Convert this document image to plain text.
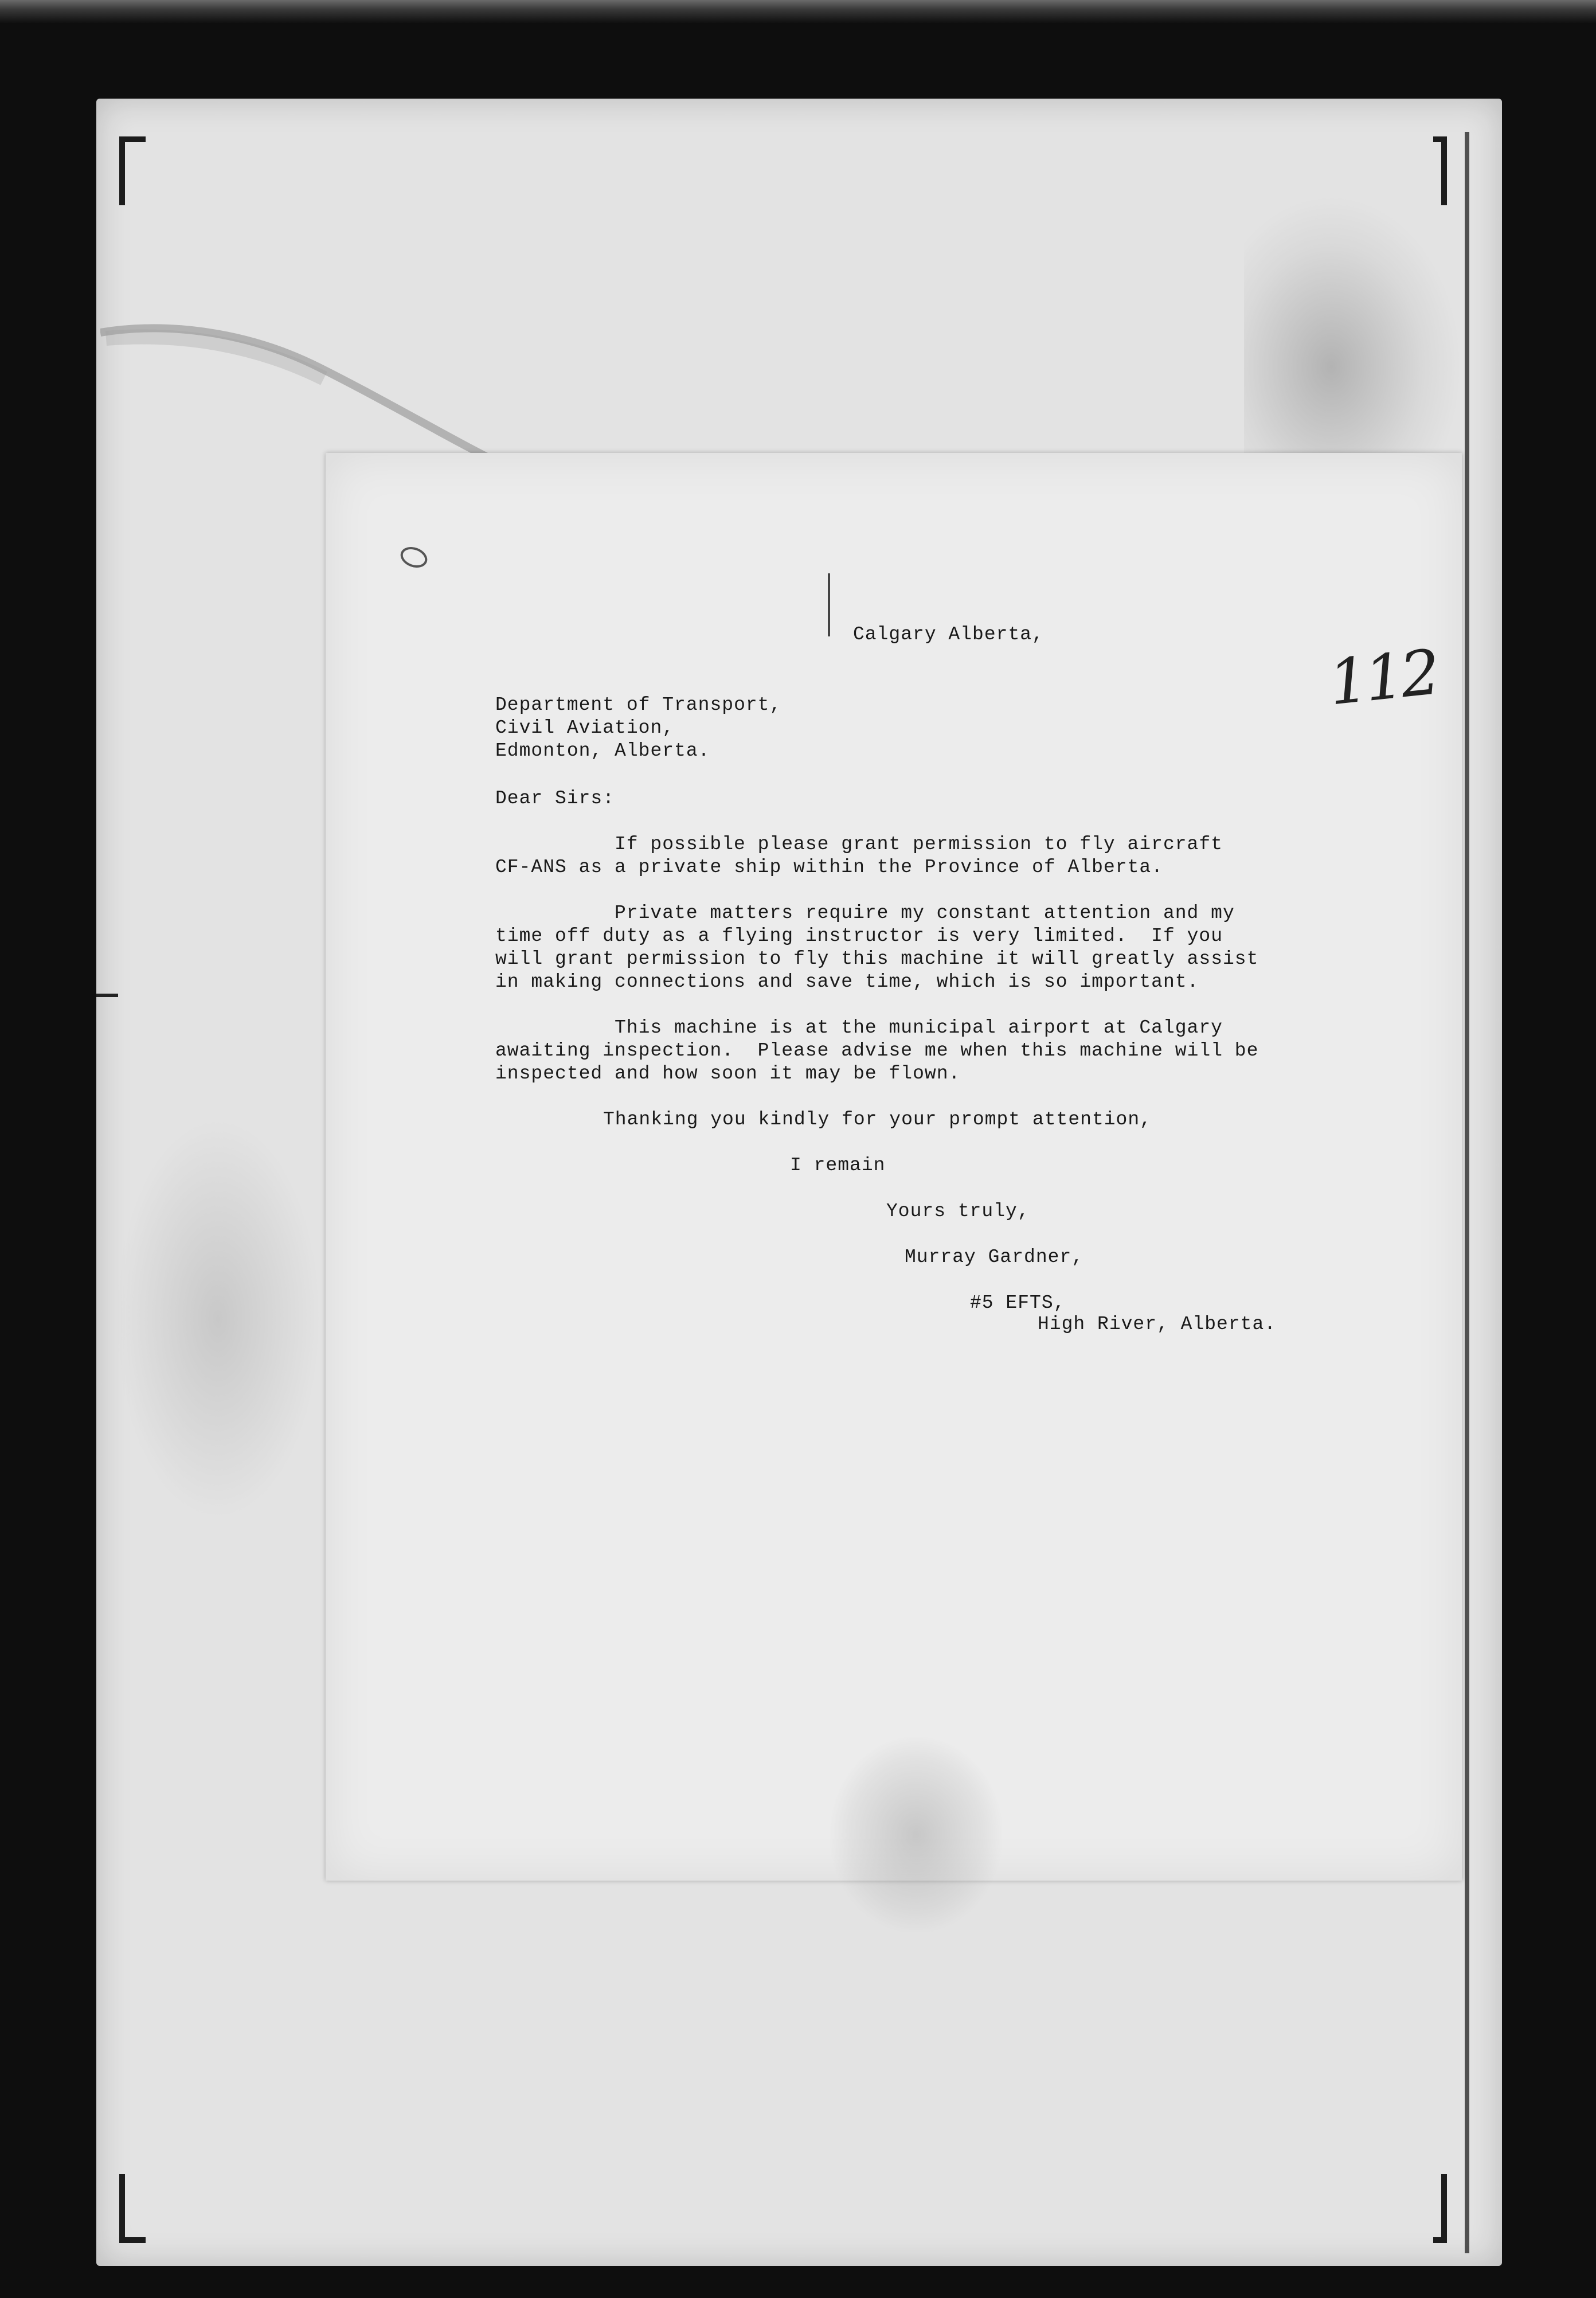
112
Calgary Alberta,
Department of Transport,
Civil Aviation,
Edmonton, Alberta.
Dear Sirs:
If possible please grant permission to fly aircraft
CF-ANS as a private ship within the Province of Alberta.
Private matters require my constant attention and my
time off duty as a flying instructor is very limited.  If you
will grant permission to fly this machine it will greatly assist
in making connections and save time, which is so important.
This machine is at the municipal airport at Calgary
awaiting inspection.  Please advise me when this machine will be
inspected and how soon it may be flown.
Thanking you kindly for your prompt attention,
I remain
Yours truly,
Murray Gardner,
#5 EFTS,
High River, Alberta.
